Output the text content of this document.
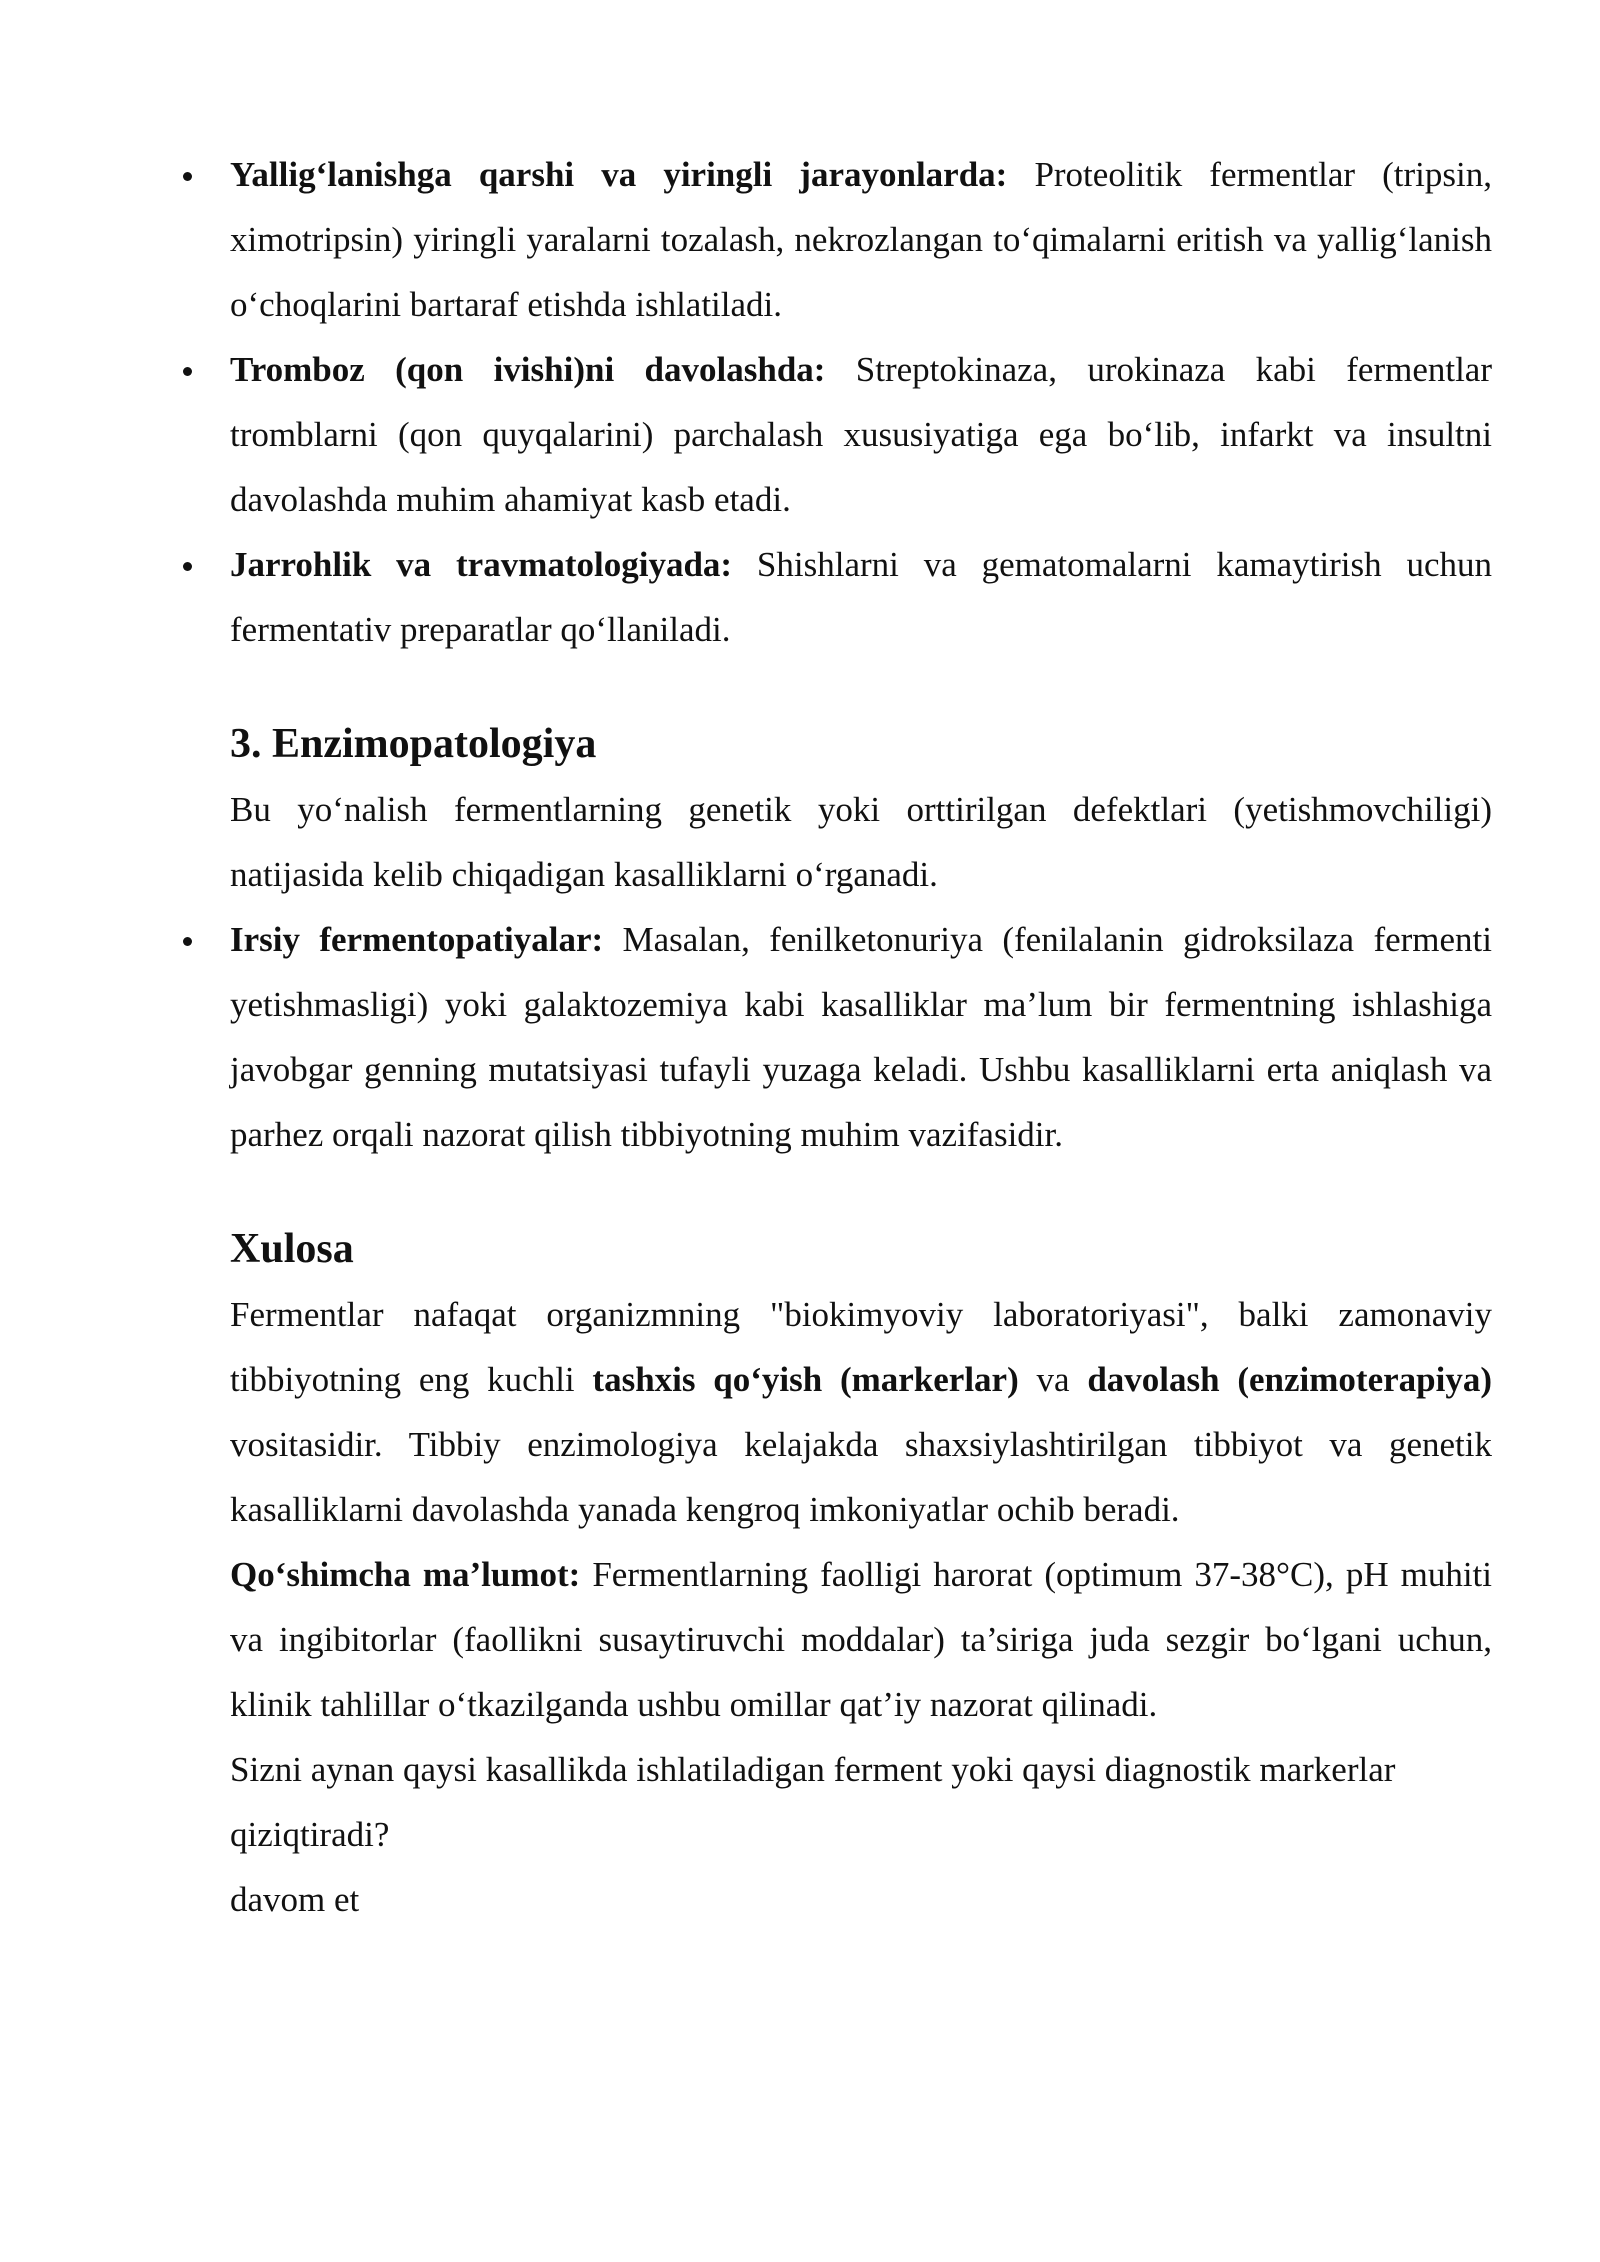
Yallig‘lanishga qarshi va yiringli jarayonlarda: Proteolitik fermentlar (tripsin, ximotripsin) yiringli yaralarni tozalash, nekrozlangan to‘qimalarni eritish va yallig‘lanish o‘choqlarini bartaraf etishda ishlatiladi.
Tromboz (qon ivishi)ni davolashda: Streptokinaza, urokinaza kabi fermentlar tromblarni (qon quyqalarini) parchalash xususiyatiga ega bo‘lib, infarkt va insultni davolashda muhim ahamiyat kasb etadi.
Jarrohlik va travmatologiyada: Shishlarni va gematomalarni kamaytirish uchun fermentativ preparatlar qo‘llaniladi.
3. Enzimopatologiya

Bu yo‘nalish fermentlarning genetik yoki orttirilgan defektlari (yetishmovchiligi) natijasida kelib chiqadigan kasalliklarni o‘rganadi.

Irsiy fermentopatiyalar: Masalan, fenilketonuriya (fenilalanin gidroksilaza fermenti yetishmasligi) yoki galaktozemiya kabi kasalliklar ma’lum bir fermentning ishlashiga javobgar genning mutatsiyasi tufayli yuzaga keladi. Ushbu kasalliklarni erta aniqlash va parhez orqali nazorat qilish tibbiyotning muhim vazifasidir.
Xulosa

Fermentlar nafaqat organizmning "biokimyoviy laboratoriyasi", balki zamonaviy tibbiyotning eng kuchli tashxis qo‘yish (markerlar) va davolash (enzimoterapiya) vositasidir. Tibbiy enzimologiya kelajakda shaxsiylashtirilgan tibbiyot va genetik kasalliklarni davolashda yanada kengroq imkoniyatlar ochib beradi.

Qo‘shimcha ma’lumot: Fermentlarning faolligi harorat (optimum 37-38°C), pH muhiti va ingibitorlar (faollikni susaytiruvchi moddalar) ta’siriga juda sezgir bo‘lgani uchun, klinik tahlillar o‘tkazilganda ushbu omillar qat’iy nazorat qilinadi.

Sizni aynan qaysi kasallikda ishlatiladigan ferment yoki qaysi diagnostik markerlar qiziqtiradi?

davom et
